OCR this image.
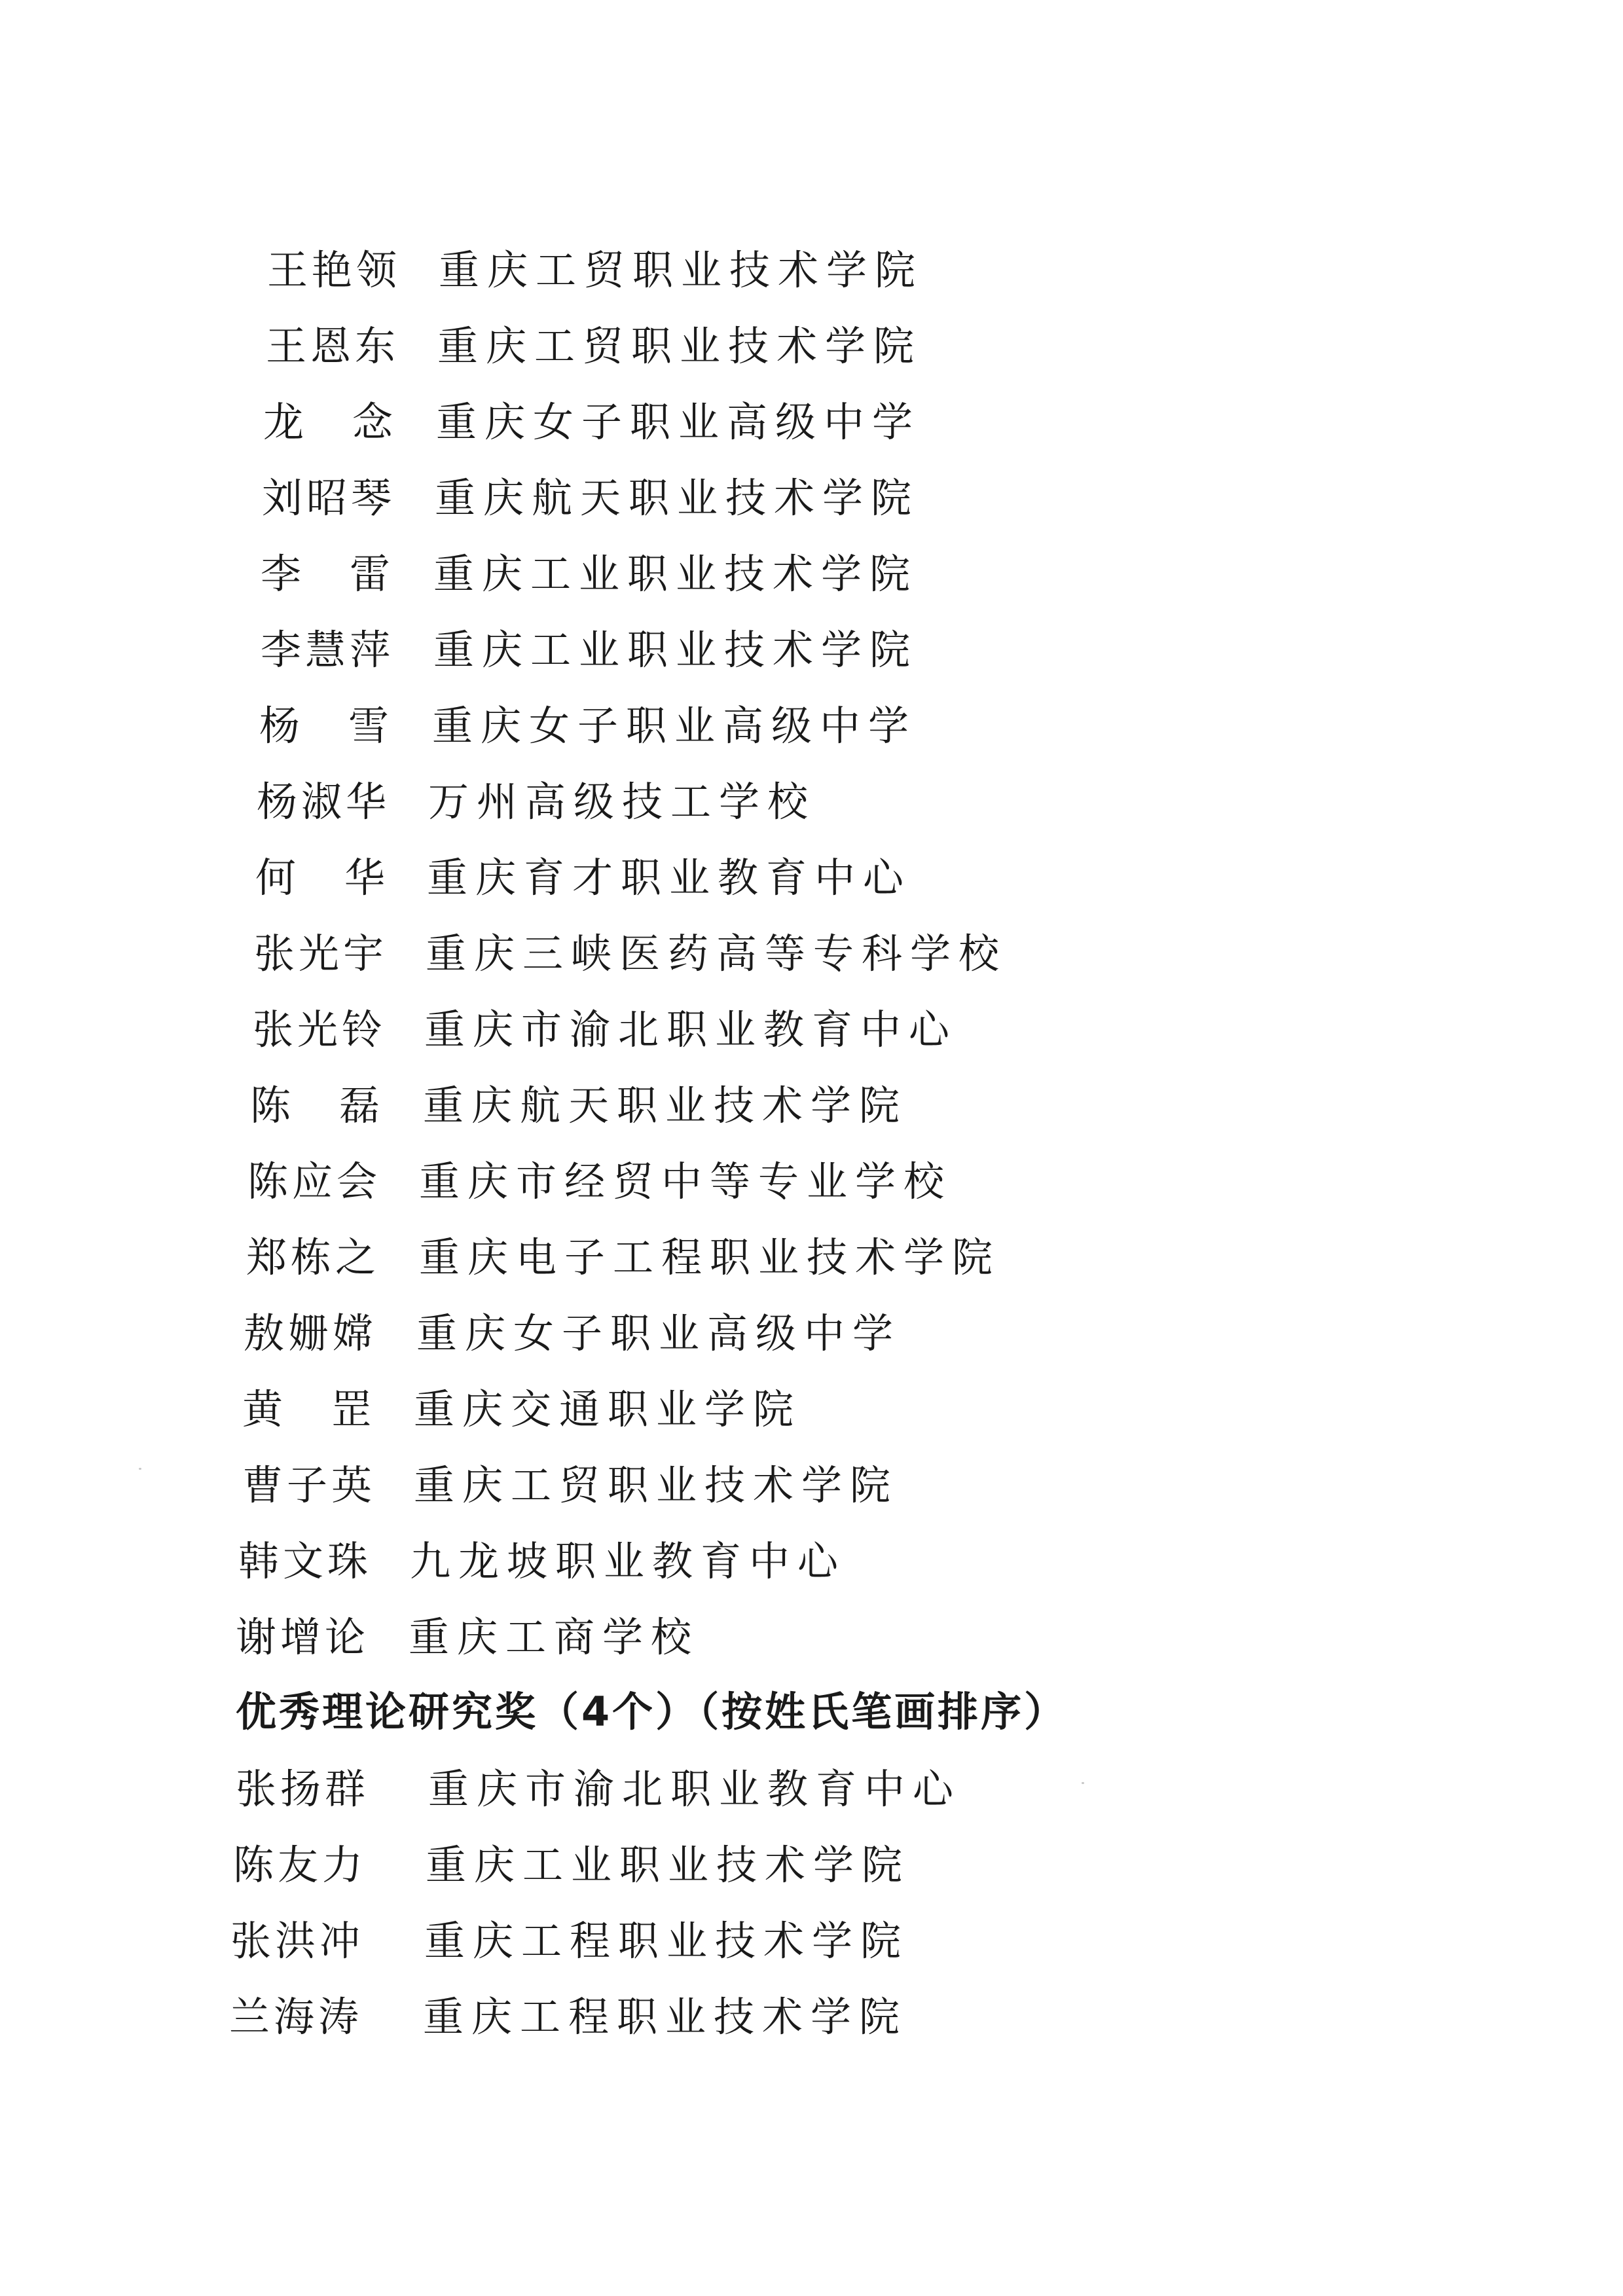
王艳领 重庆工贸职业技术学院
王恩东 重庆工贸职业技术学院
龙　念 重庆女子职业高级中学
刘昭琴 重庆航天职业技术学院
李　雷 重庆工业职业技术学院
李慧萍 重庆工业职业技术学院
杨　雪 重庆女子职业高级中学
杨淑华 万州高级技工学校
何　华 重庆育才职业教育中心
张光宇 重庆三峡医药高等专科学校
张光铃 重庆市渝北职业教育中心
陈　磊 重庆航天职业技术学院
陈应会 重庆市经贸中等专业学校
郑栋之 重庆电子工程职业技术学院
敖姗嫦 重庆女子职业高级中学
黄　罡 重庆交通职业学院
曹子英 重庆工贸职业技术学院
韩文珠 九龙坡职业教育中心
谢增论 重庆工商学校
优秀理论研究奖（4个）（按姓氏笔画排序）
张扬群 重庆市渝北职业教育中心
陈友力 重庆工业职业技术学院
张洪冲 重庆工程职业技术学院
兰海涛 重庆工程职业技术学院
